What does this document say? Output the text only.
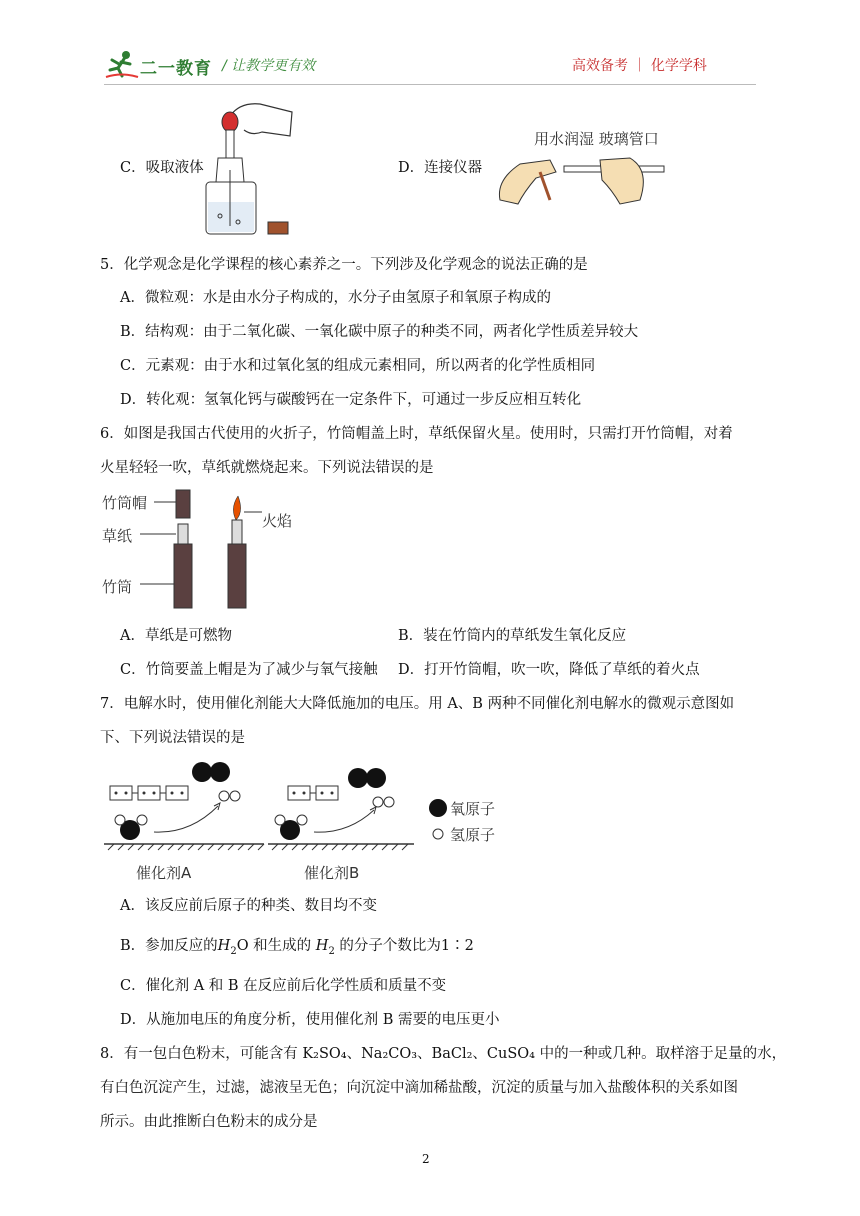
二一教育 / 让教学更有效	高效备考 ｜ 化学学科
C．吸取液体	D．连接仪器
用水润湿 玻璃管口
5．化学观念是化学课程的核心素养之一。下列涉及化学观念的说法正确的是
A．微粒观：水是由水分子构成的，水分子由氢原子和氧原子构成的
B．结构观：由于二氧化碳、一氧化碳中原子的种类不同，两者化学性质差异较大
C．元素观：由于水和过氧化氢的组成元素相同，所以两者的化学性质相同
D．转化观：氢氧化钙与碳酸钙在一定条件下，可通过一步反应相互转化
6．如图是我国古代使用的火折子，竹筒帽盖上时，草纸保留火星。使用时，只需打开竹筒帽，对着
火星轻轻一吹，草纸就燃烧起来。下列说法错误的是
竹筒帽
草纸
竹筒
火焰
A．草纸是可燃物	B．装在竹筒内的草纸发生氧化反应
C．竹筒要盖上帽是为了减少与氧气接触 D．打开竹筒帽，吹一吹，降低了草纸的着火点
7．电解水时，使用催化剂能大大降低施加的电压。用 A、B 两种不同催化剂电解水的微观示意图如
下、下列说法错误的是
氧原子
氢原子
催化剂A	催化剂B
A．该反应前后原子的种类、数目均不变
B．参加反应的$H_2O$ 和生成的 $H_2$ 的分子个数比为1∶2
C．催化剂 A 和 B 在反应前后化学性质和质量不变
D．从施加电压的角度分析，使用催化剂 B 需要的电压更小
8．有一包白色粉末，可能含有 K₂SO₄、Na₂CO₃、BaCl₂、CuSO₄ 中的一种或几种。取样溶于足量的水，
有白色沉淀产生，过滤，滤液呈无色；向沉淀中滴加稀盐酸，沉淀的质量与加入盐酸体积的关系如图
所示。由此推断白色粉末的成分是
2
